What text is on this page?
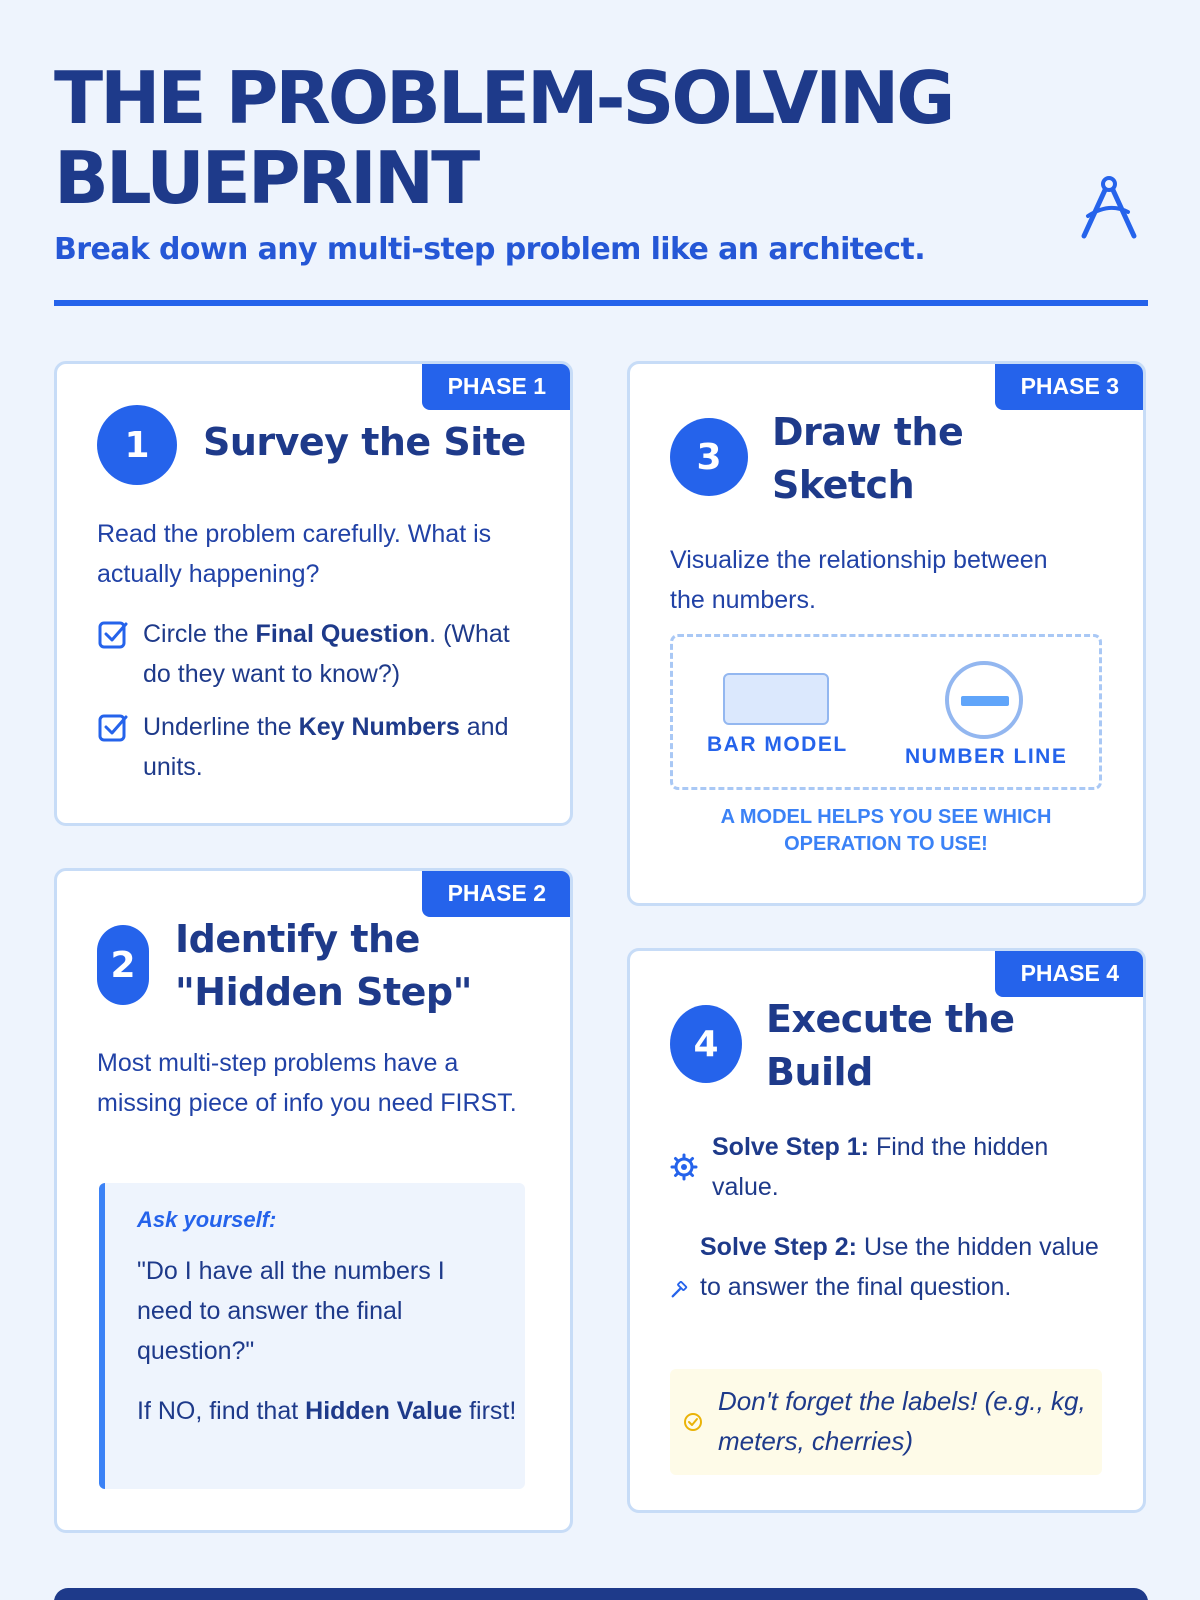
THE PROBLEM-SOLVING
BLUEPRINT
Break down any multi-step problem like an architect.
PHASE 1
1	Survey the Site
Read the problem carefully. What is actually happening?
Circle the Final Question. (What do they want to know?)
Underline the Key Numbers and units.
PHASE 2
2
Identify the
"Hidden Step"
Most multi-step problems have a missing piece of info you need FIRST.
Ask yourself:
"Do I have all the numbers I need to answer the final question?"
If NO, find that Hidden Value first!
PHASE 3
3
Draw the
Sketch
Visualize the relationship between the numbers.
BAR MODEL
NUMBER LINE
A MODEL HELPS YOU SEE WHICH OPERATION TO USE!
PHASE 4
4
Execute the
Build
Solve Step 1: Find the hidden value.
Solve Step 2: Use the hidden value to answer the final question.
Don't forget the labels! (e.g., kg, meters, cherries)
